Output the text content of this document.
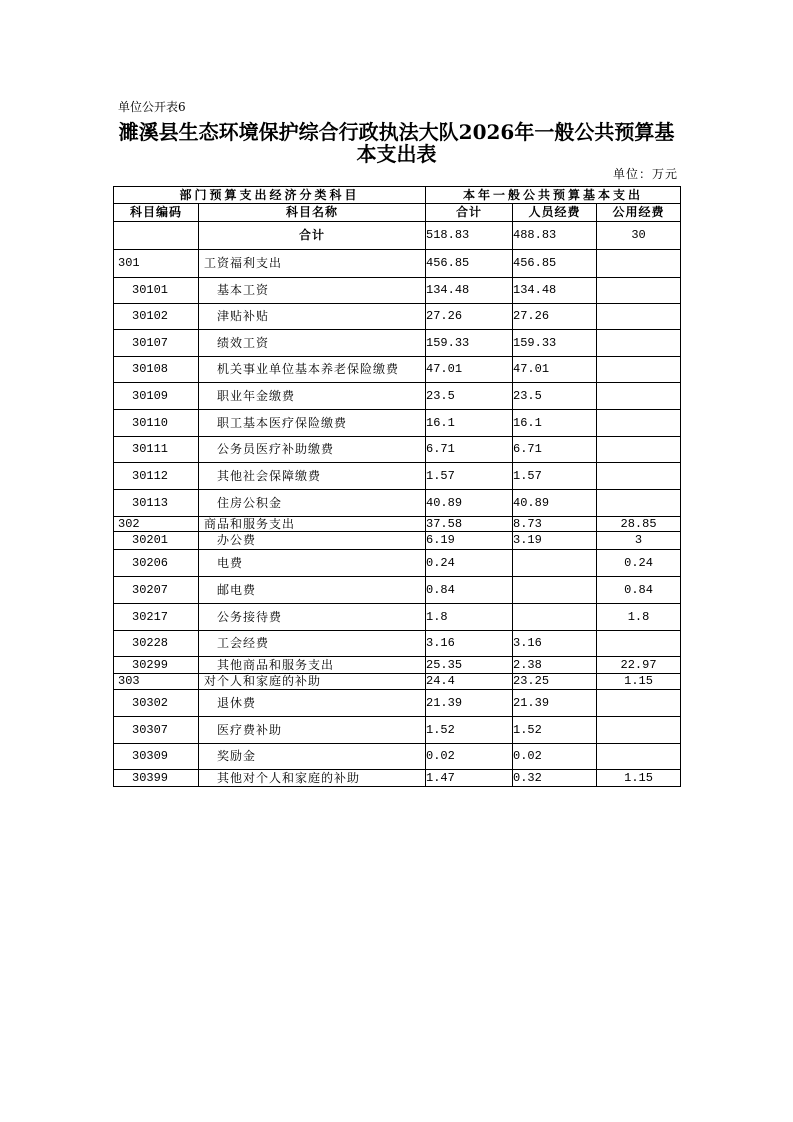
单位公开表6
濉溪县生态环境保护综合行政执法大队2026年一般公共预算基
本支出表
单位：万元
部门预算支出经济分类科目		本年一般公共预算基本支出		
科目编码	科目名称	合计	人员经费	公用经费
	合计	518.83	488.83	30
301	工资福利支出	456.85	456.85	
30101	基本工资	134.48	134.48	
30102	津贴补贴	27.26	27.26	
30107	绩效工资	159.33	159.33	
30108	机关事业单位基本养老保险缴费	47.01	47.01	
30109	职业年金缴费	23.5	23.5	
30110	职工基本医疗保险缴费	16.1	16.1	
30111	公务员医疗补助缴费	6.71	6.71	
30112	其他社会保障缴费	1.57	1.57	
30113	住房公积金	40.89	40.89	
302	商品和服务支出	37.58	8.73	28.85
30201	办公费	6.19	3.19	3
30206	电费	0.24		0.24
30207	邮电费	0.84		0.84
30217	公务接待费	1.8		1.8
30228	工会经费	3.16	3.16	
30299	其他商品和服务支出	25.35	2.38	22.97
303	对个人和家庭的补助	24.4	23.25	1.15
30302	退休费	21.39	21.39	
30307	医疗费补助	1.52	1.52	
30309	奖励金	0.02	0.02	
30399	其他对个人和家庭的补助	1.47	0.32	1.15
